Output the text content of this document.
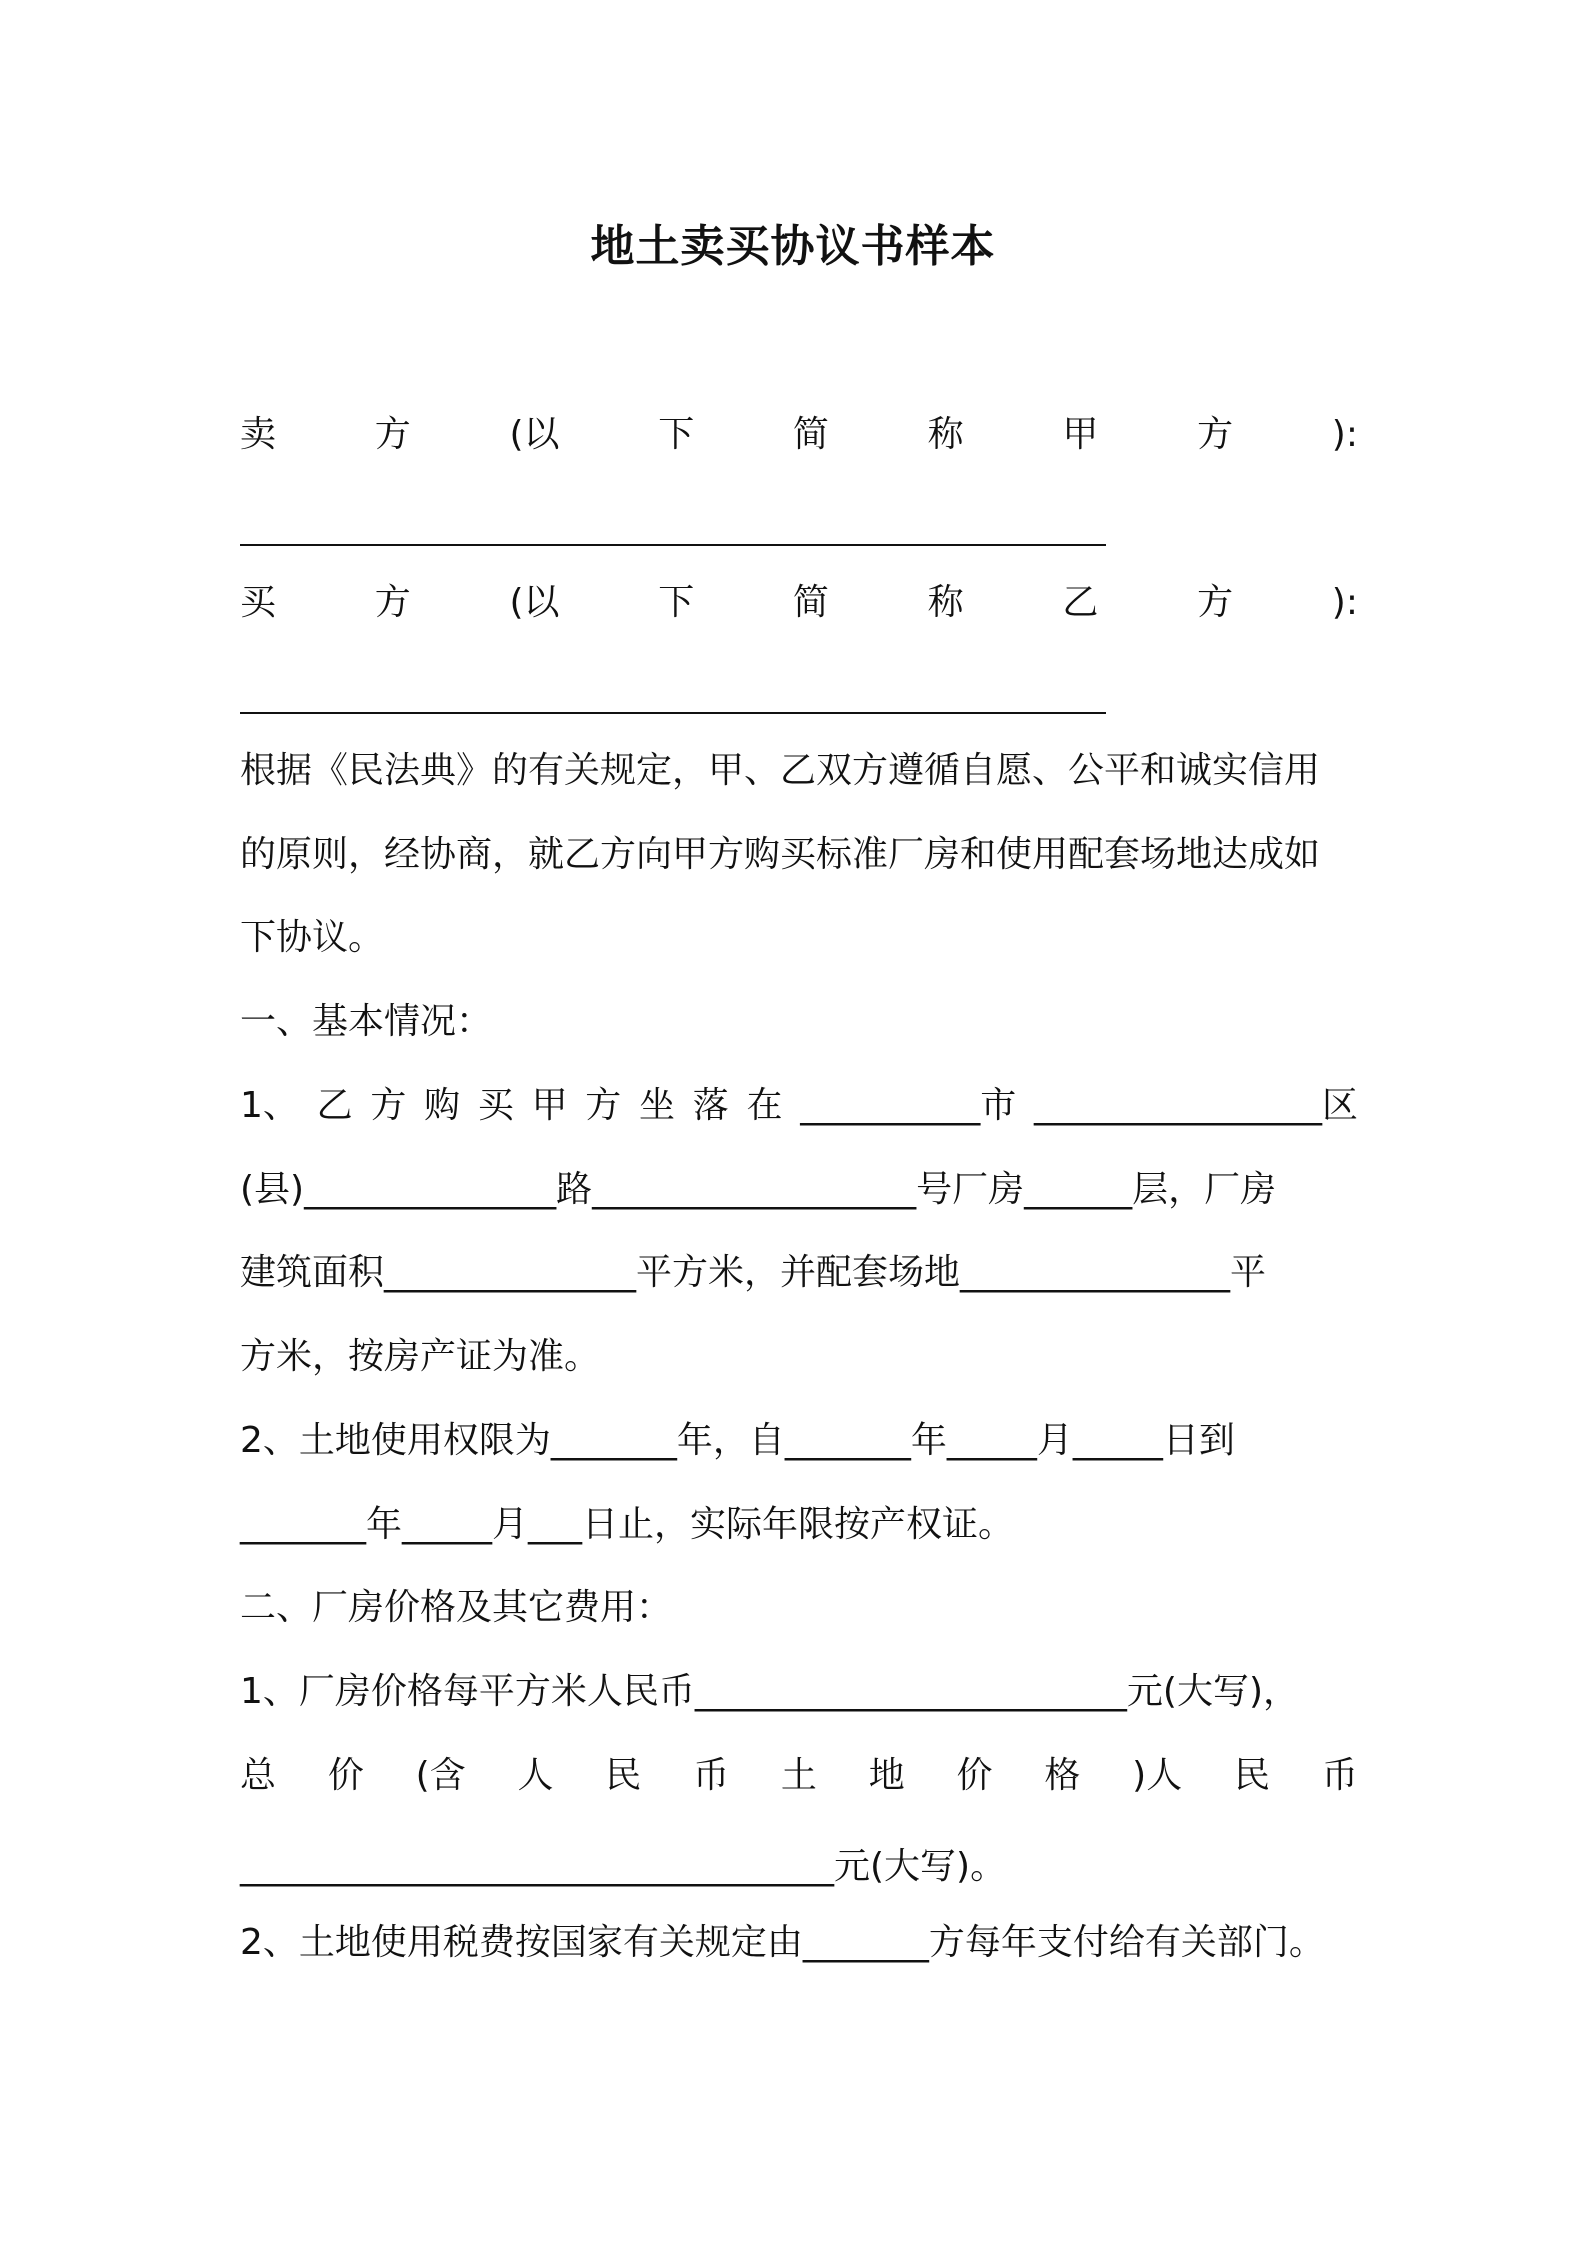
地土卖买协议书样本
卖	方	(以	下	简	称	甲	方	):
买	方	(以	下	简	称	乙	方	):
根据《民法典》的有关规定，甲、乙双方遵循自愿、公平和诚实信用
的原则，经协商，就乙方向甲方购买标准厂房和使用配套场地达成如
下协议。
一、基本情况：
1、 乙 方 购 买 甲 方 坐 落 在 __________市 ________________区
(县)______________路__________________号厂房______层，厂房
建筑面积______________平方米，并配套场地_______________平
方米，按房产证为准。
2、土地使用权限为_______年，自_______年_____月_____日到
_______年_____月___日止，实际年限按产权证。
二、厂房价格及其它费用：
1、厂房价格每平方米人民币________________________元(大写)，
总 价 (含 人 民 币 土 地 价 格 )人 民 币
_________________________________元(大写)。
2、土地使用税费按国家有关规定由_______方每年支付给有关部门。
